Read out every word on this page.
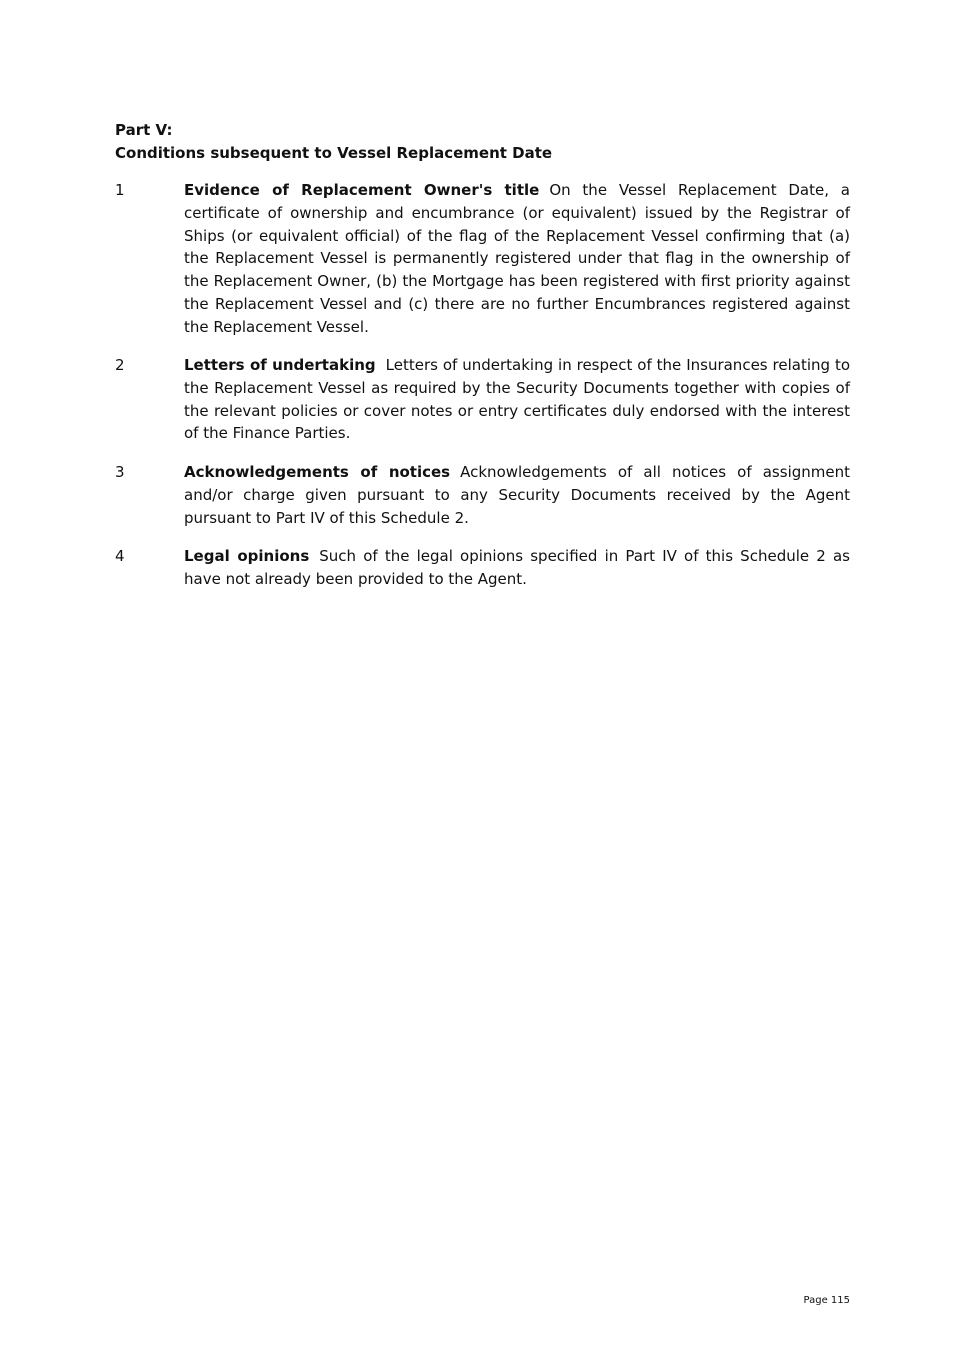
Part V:
Conditions subsequent to Vessel Replacement Date
1	Evidence of Replacement Owner's title On the Vessel Replacement Date, a certificate of ownership and encumbrance (or equivalent) issued by the Registrar of Ships (or equivalent official) of the flag of the Replacement Vessel confirming that (a) the Replacement Vessel is permanently registered under that flag in the ownership of the Replacement Owner, (b) the Mortgage has been registered with first priority against the Replacement Vessel and (c) there are no further Encumbrances registered against the Replacement Vessel.
2	Letters of undertaking Letters of undertaking in respect of the Insurances relating to the Replacement Vessel as required by the Security Documents together with copies of the relevant policies or cover notes or entry certificates duly endorsed with the interest of the Finance Parties.
3	Acknowledgements of notices Acknowledgements of all notices of assignment and/or charge given pursuant to any Security Documents received by the Agent pursuant to Part IV of this Schedule 2.
4	Legal opinions Such of the legal opinions specified in Part IV of this Schedule 2 as have not already been provided to the Agent.
Page 115
